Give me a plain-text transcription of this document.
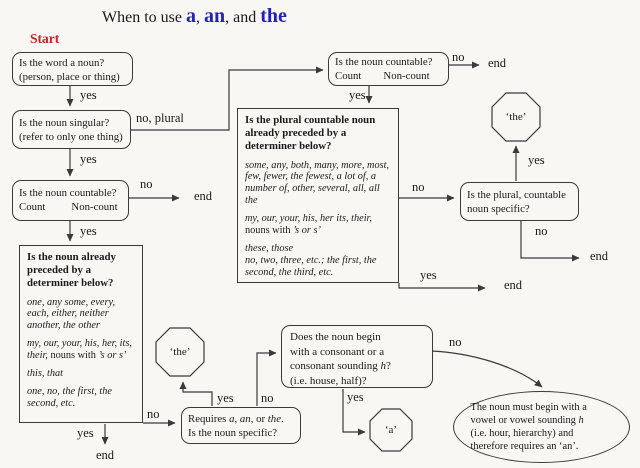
When to use a, an, and the
Start
Is the word a noun?
(person, place or thing)
Is the noun singular?
(refer to only one thing)
Is the noun countable?
Count Non-count
Is the noun countable?
Count Non-count
Is the plural countable noun
already preceded by a
determiner below?

some, any, both, many, more, most, few, fewer, the fewest, a lot of, a number of, other, several, all, all the

my, our, your, his, her its, their, nouns with ’s or s’

these, those
no, two, three, etc.; the first, the second, the third, etc.

Is the noun already
preceded by a
determiner below?

one, any some, every, each, either, neither another, the other

my, our, your, his, her, its, their, nouns with ’s or s’

this, that

one, no, the first, the second, etc.

Is the plural, countable
noun specific?
Requires a, an, or the.
Is the noun specific?
Does the noun begin
with a consonant or a
consonant sounding h?
(i.e. house, half)?
The noun must begin with a
vowel or vowel sounding h
(i.e. hour, hierarchy) and
therefore requires an ‘an’.
‘the’
‘the’
‘a’
yes
no, plural
yes
no
end
yes
no end
yes
no
yes
end
yes
no
end
yes
end
no
yes no	yes
no
